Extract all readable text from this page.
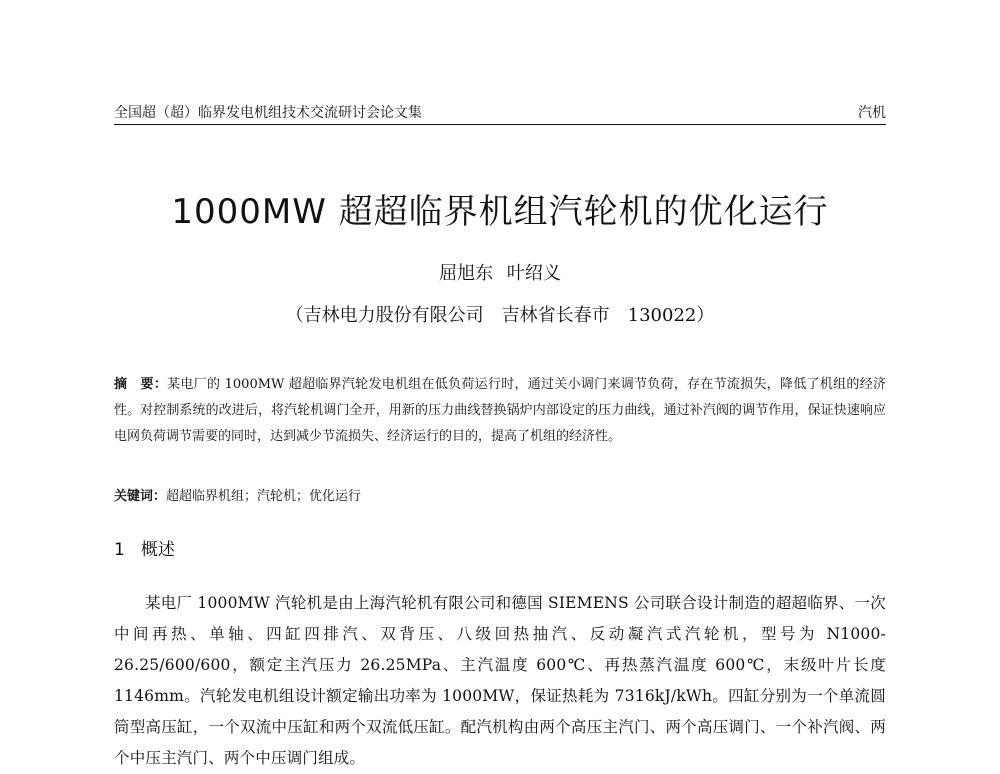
全国超（超）临界发电机组技术交流研讨会论文集	汽机
1000MW 超超临界机组汽轮机的优化运行
屈旭东 叶绍义
（吉林电力股份有限公司　吉林省长春市　130022）
摘　要：某电厂的 1000MW 超超临界汽轮发电机组在低负荷运行时，通过关小调门来调节负荷，存在节流损失，降低了机组的经济性。对控制系统的改进后，将汽轮机调门全开，用新的压力曲线替换锅炉内部设定的压力曲线，通过补汽阀的调节作用，保证快速响应电网负荷调节需要的同时，达到减少节流损失、经济运行的目的，提高了机组的经济性。
关键词：超超临界机组；汽轮机；优化运行
1 概述
某电厂 1000MW 汽轮机是由上海汽轮机有限公司和德国 SIEMENS 公司联合设计制造的超超临界、一次中间再热、单轴、四缸四排汽、双背压、八级回热抽汽、反动凝汽式汽轮机，型号为 N1000-26.25/600/600，额定主汽压力 26.25MPa、主汽温度 600℃、再热蒸汽温度 600℃，末级叶片长度 1146mm。汽轮发电机组设计额定输出功率为 1000MW，保证热耗为 7316kJ/kWh。四缸分别为一个单流圆筒型高压缸，一个双流中压缸和两个双流低压缸。配汽机构由两个高压主汽门、两个高压调门、一个补汽阀、两个中压主汽门、两个中压调门组成。
